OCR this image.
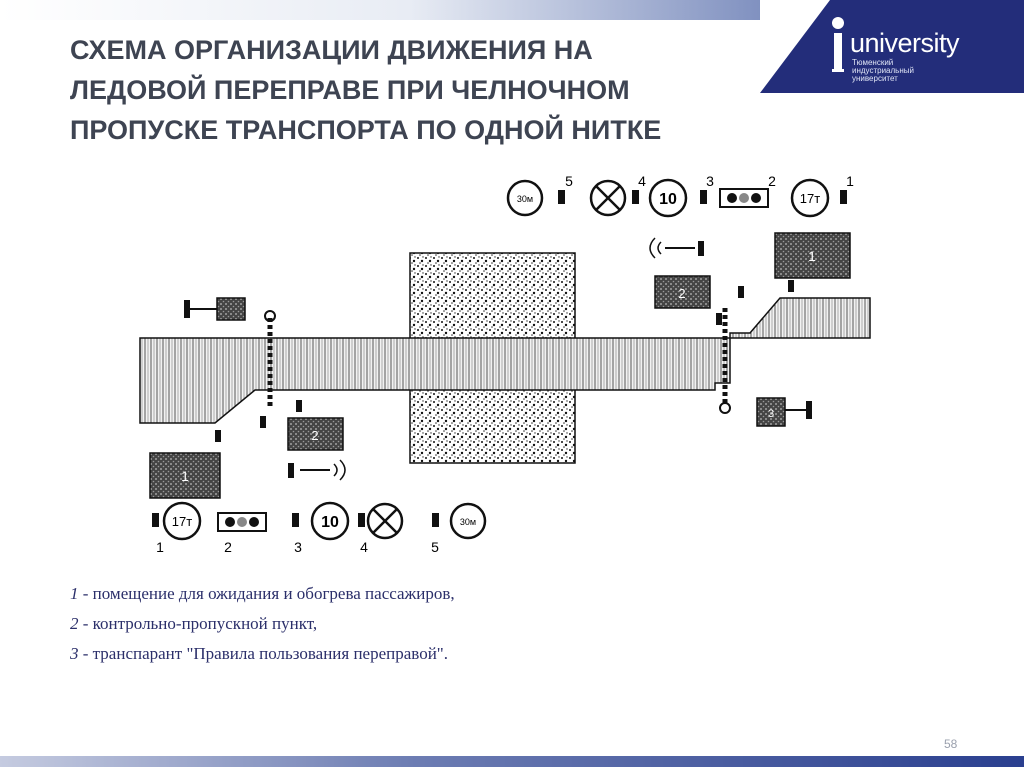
university
Тюменский
индустриальный
университет
СХЕМА ОРГАНИЗАЦИИ ДВИЖЕНИЯ НА
ЛЕДОВОЙ ПЕРЕПРАВЕ ПРИ ЧЕЛНОЧНОМ
ПРОПУСКЕ ТРАНСПОРТА ПО ОДНОЙ НИТКЕ
1
2
1
2
3
17т	10	30м
1	2	3	4	5
30м	10	17т
5	4	3	2	1
1 - помещение для ожидания и обогрева пассажиров,
2 - контрольно-пропускной пункт,
3 - транспарант "Правила пользования переправой".
58
